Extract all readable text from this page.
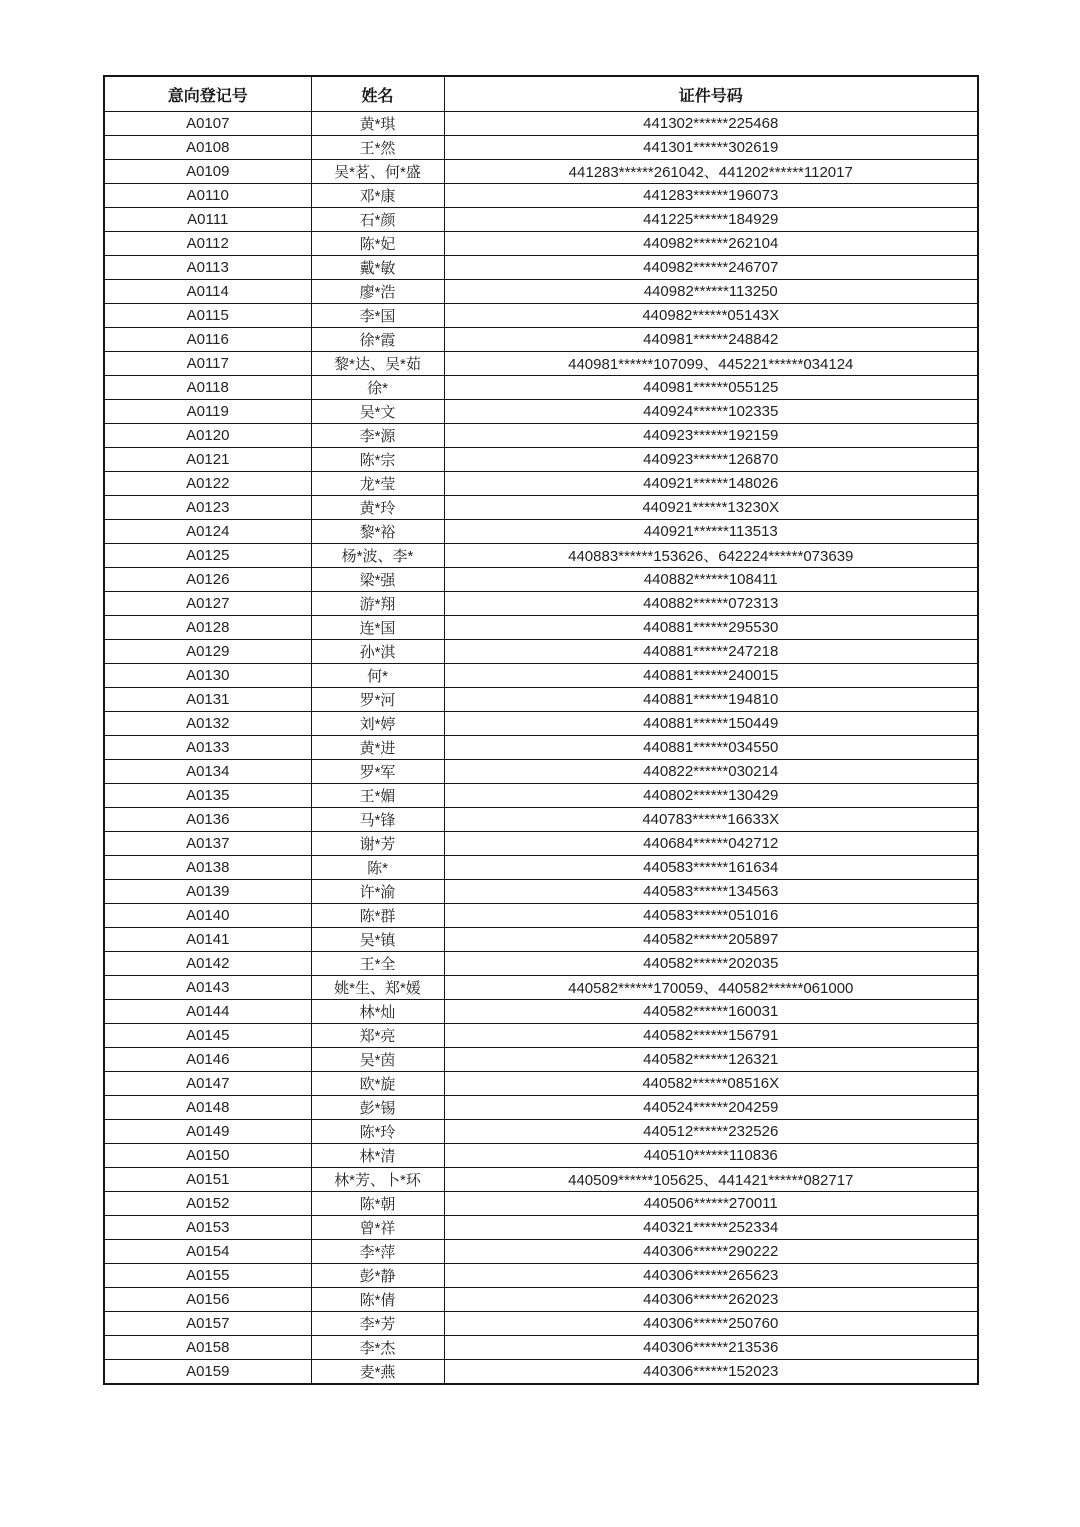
意向登记号	姓名	证件号码
A0107	黄*琪	441302******225468
A0108	王*然	441301******302619
A0109	吴*茗、何*盛	441283******261042、441202******112017
A0110	邓*康	441283******196073
A0111	石*颜	441225******184929
A0112	陈*妃	440982******262104
A0113	戴*敏	440982******246707
A0114	廖*浩	440982******113250
A0115	李*国	440982******05143X
A0116	徐*霞	440981******248842
A0117	黎*达、吴*茹	440981******107099、445221******034124
A0118	徐*	440981******055125
A0119	吴*文	440924******102335
A0120	李*源	440923******192159
A0121	陈*宗	440923******126870
A0122	龙*莹	440921******148026
A0123	黄*玲	440921******13230X
A0124	黎*裕	440921******113513
A0125	杨*波、李*	440883******153626、642224******073639
A0126	梁*强	440882******108411
A0127	游*翔	440882******072313
A0128	连*国	440881******295530
A0129	孙*淇	440881******247218
A0130	何*	440881******240015
A0131	罗*河	440881******194810
A0132	刘*婷	440881******150449
A0133	黄*进	440881******034550
A0134	罗*军	440822******030214
A0135	王*媚	440802******130429
A0136	马*锋	440783******16633X
A0137	谢*芳	440684******042712
A0138	陈*	440583******161634
A0139	许*渝	440583******134563
A0140	陈*群	440583******051016
A0141	吴*镇	440582******205897
A0142	王*全	440582******202035
A0143	姚*生、郑*媛	440582******170059、440582******061000
A0144	林*灿	440582******160031
A0145	郑*亮	440582******156791
A0146	吴*茵	440582******126321
A0147	欧*旋	440582******08516X
A0148	彭*锡	440524******204259
A0149	陈*玲	440512******232526
A0150	林*清	440510******110836
A0151	林*芳、卜*环	440509******105625、441421******082717
A0152	陈*朝	440506******270011
A0153	曾*祥	440321******252334
A0154	李*萍	440306******290222
A0155	彭*静	440306******265623
A0156	陈*倩	440306******262023
A0157	李*芳	440306******250760
A0158	李*杰	440306******213536
A0159	麦*燕	440306******152023
